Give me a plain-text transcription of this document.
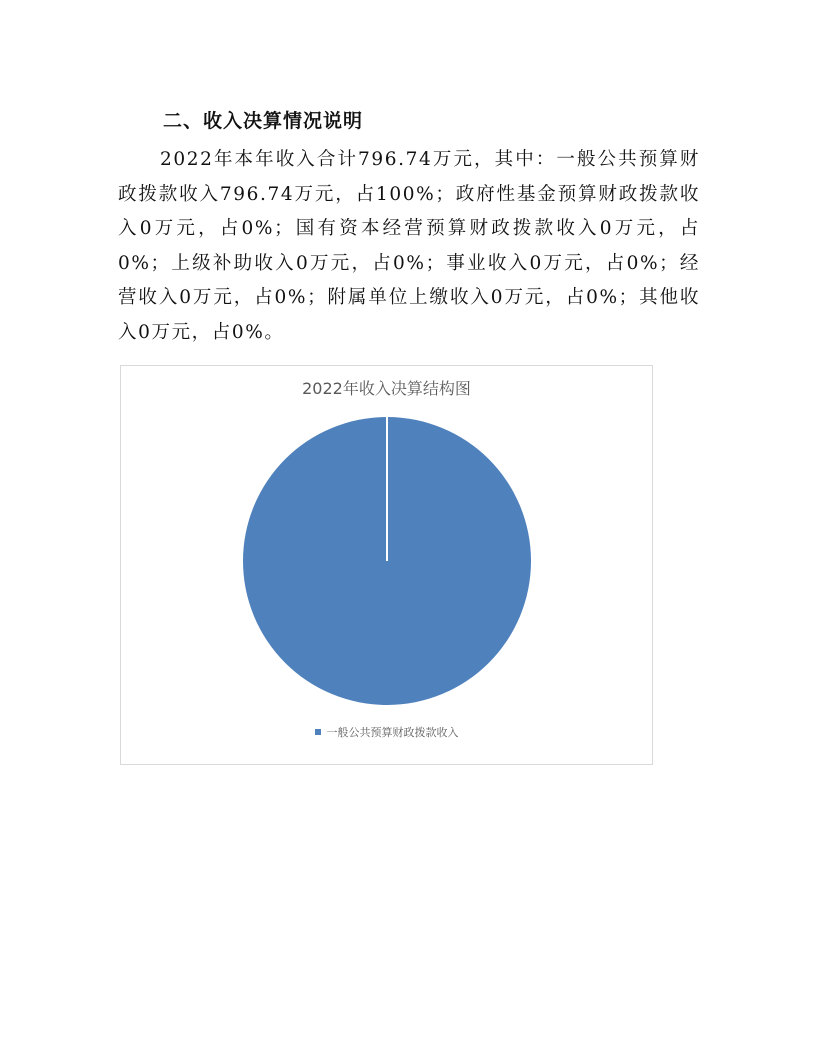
二、收入决算情况说明

2022年本年收入合计796.74万元，其中：一般公共预算财政拨款收入796.74万元，占100%；政府性基金预算财政拨款收入0万元，占0%；国有资本经营预算财政拨款收入0万元，占0%；上级补助收入0万元，占0%；事业收入0万元，占0%；经营收入0万元，占0%；附属单位上缴收入0万元，占0%；其他收入0万元，占0%。

2022年收入决算结构图
一般公共预算财政拨款收入
